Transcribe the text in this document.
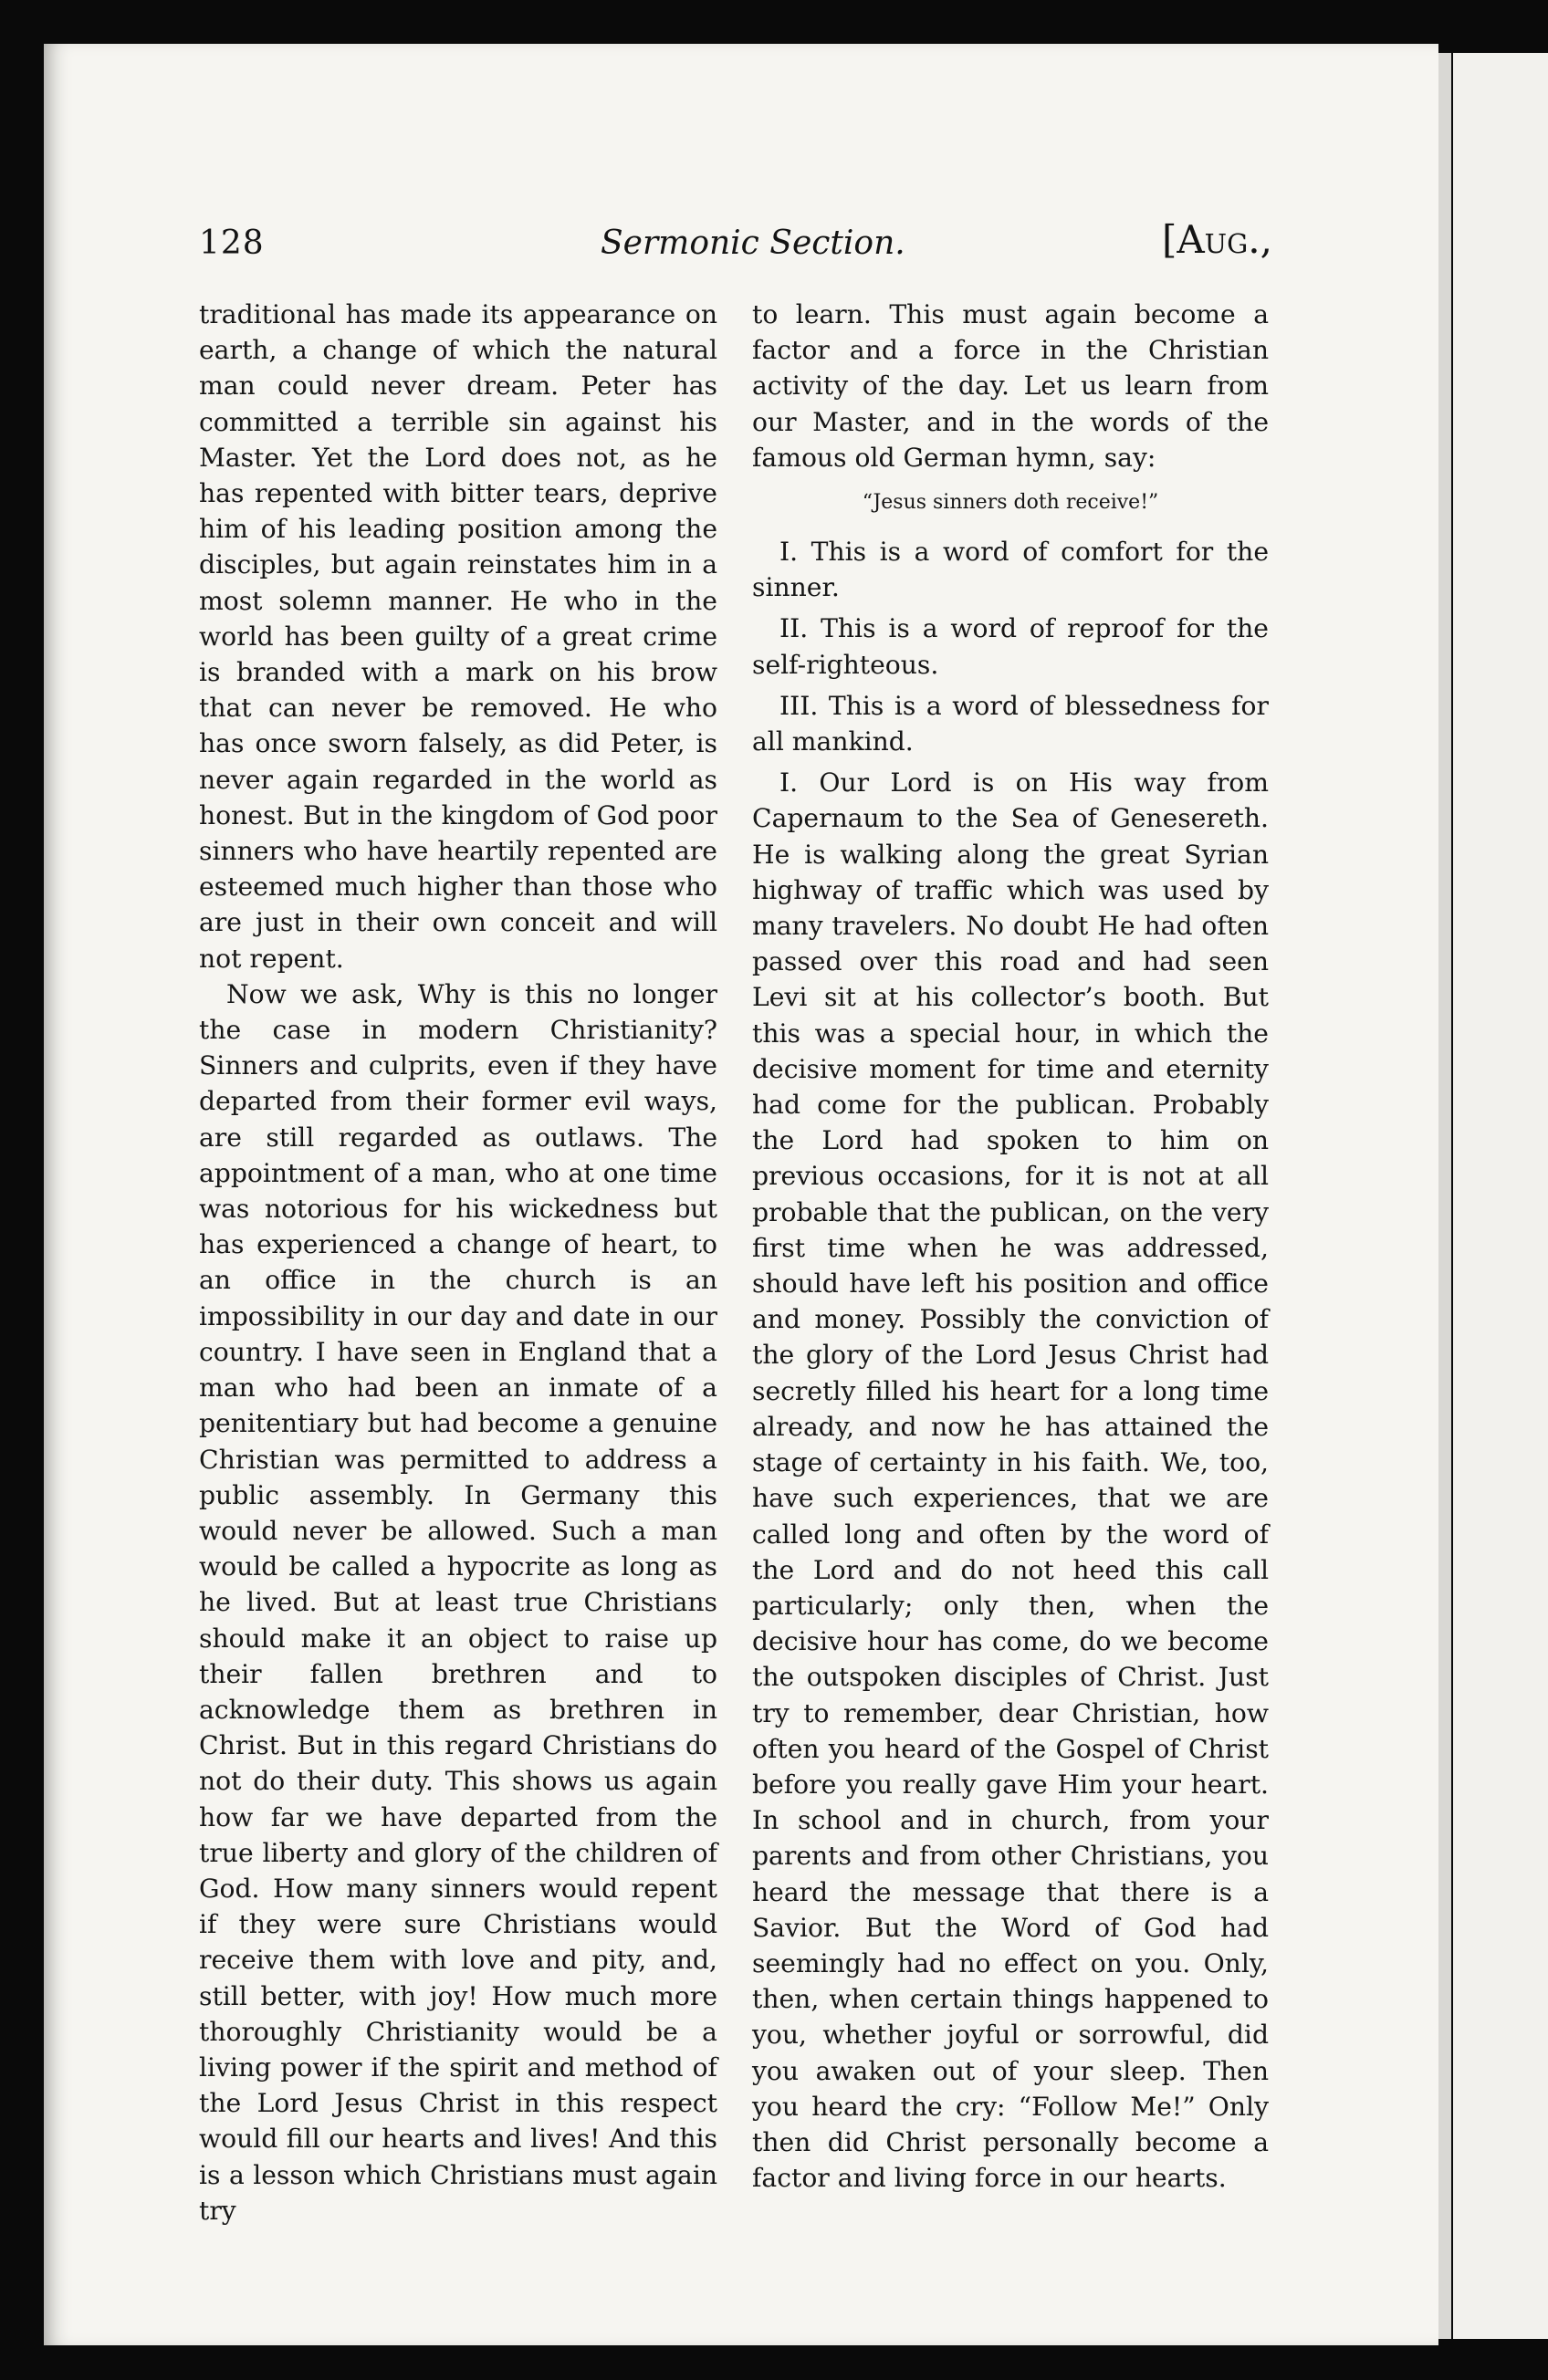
128	Sermonic Section.	[Aug.,

traditional has made its appearance on earth, a change of which the natural man could never dream. Peter has committed a terrible sin against his Master. Yet the Lord does not, as he has repented with bitter tears, deprive him of his leading position among the disciples, but again reinstates him in a most solemn manner. He who in the world has been guilty of a great crime is branded with a mark on his brow that can never be removed. He who has once sworn falsely, as did Peter, is never again regarded in the world as honest. But in the kingdom of God poor sinners who have heartily repented are esteemed much higher than those who are just in their own conceit and will not repent.

Now we ask, Why is this no longer the case in modern Christianity? Sinners and culprits, even if they have departed from their former evil ways, are still regarded as outlaws. The appointment of a man, who at one time was notorious for his wickedness but has experienced a change of heart, to an office in the church is an impossibility in our day and date in our country. I have seen in England that a man who had been an inmate of a penitentiary but had become a genuine Christian was permitted to address a public assembly. In Germany this would never be allowed. Such a man would be called a hypocrite as long as he lived. But at least true Christians should make it an object to raise up their fallen brethren and to acknowledge them as brethren in Christ. But in this regard Christians do not do their duty. This shows us again how far we have departed from the true liberty and glory of the children of God. How many sinners would repent if they were sure Christians would receive them with love and pity, and, still better, with joy! How much more thoroughly Christianity would be a living power if the spirit and method of the Lord Jesus Christ in this respect would fill our hearts and lives! And this is a lesson which Christians must again try

to learn. This must again become a factor and a force in the Christian activity of the day. Let us learn from our Master, and in the words of the famous old German hymn, say:

“Jesus sinners doth receive!”

I. This is a word of comfort for the sinner.

II. This is a word of reproof for the self-righteous.

III. This is a word of blessedness for all mankind.

I. Our Lord is on His way from Capernaum to the Sea of Genesereth. He is walking along the great Syrian highway of traffic which was used by many travelers. No doubt He had often passed over this road and had seen Levi sit at his collector’s booth. But this was a special hour, in which the decisive moment for time and eternity had come for the publican. Probably the Lord had spoken to him on previous occasions, for it is not at all probable that the publican, on the very first time when he was addressed, should have left his position and office and money. Possibly the conviction of the glory of the Lord Jesus Christ had secretly filled his heart for a long time already, and now he has attained the stage of certainty in his faith. We, too, have such experiences, that we are called long and often by the word of the Lord and do not heed this call particularly; only then, when the decisive hour has come, do we become the outspoken disciples of Christ. Just try to remember, dear Christian, how often you heard of the Gospel of Christ before you really gave Him your heart. In school and in church, from your parents and from other Christians, you heard the message that there is a Savior. But the Word of God had seemingly had no effect on you. Only, then, when certain things happened to you, whether joyful or sorrowful, did you awaken out of your sleep. Then you heard the cry: “Follow Me!” Only then did Christ personally become a factor and living force in our hearts.
